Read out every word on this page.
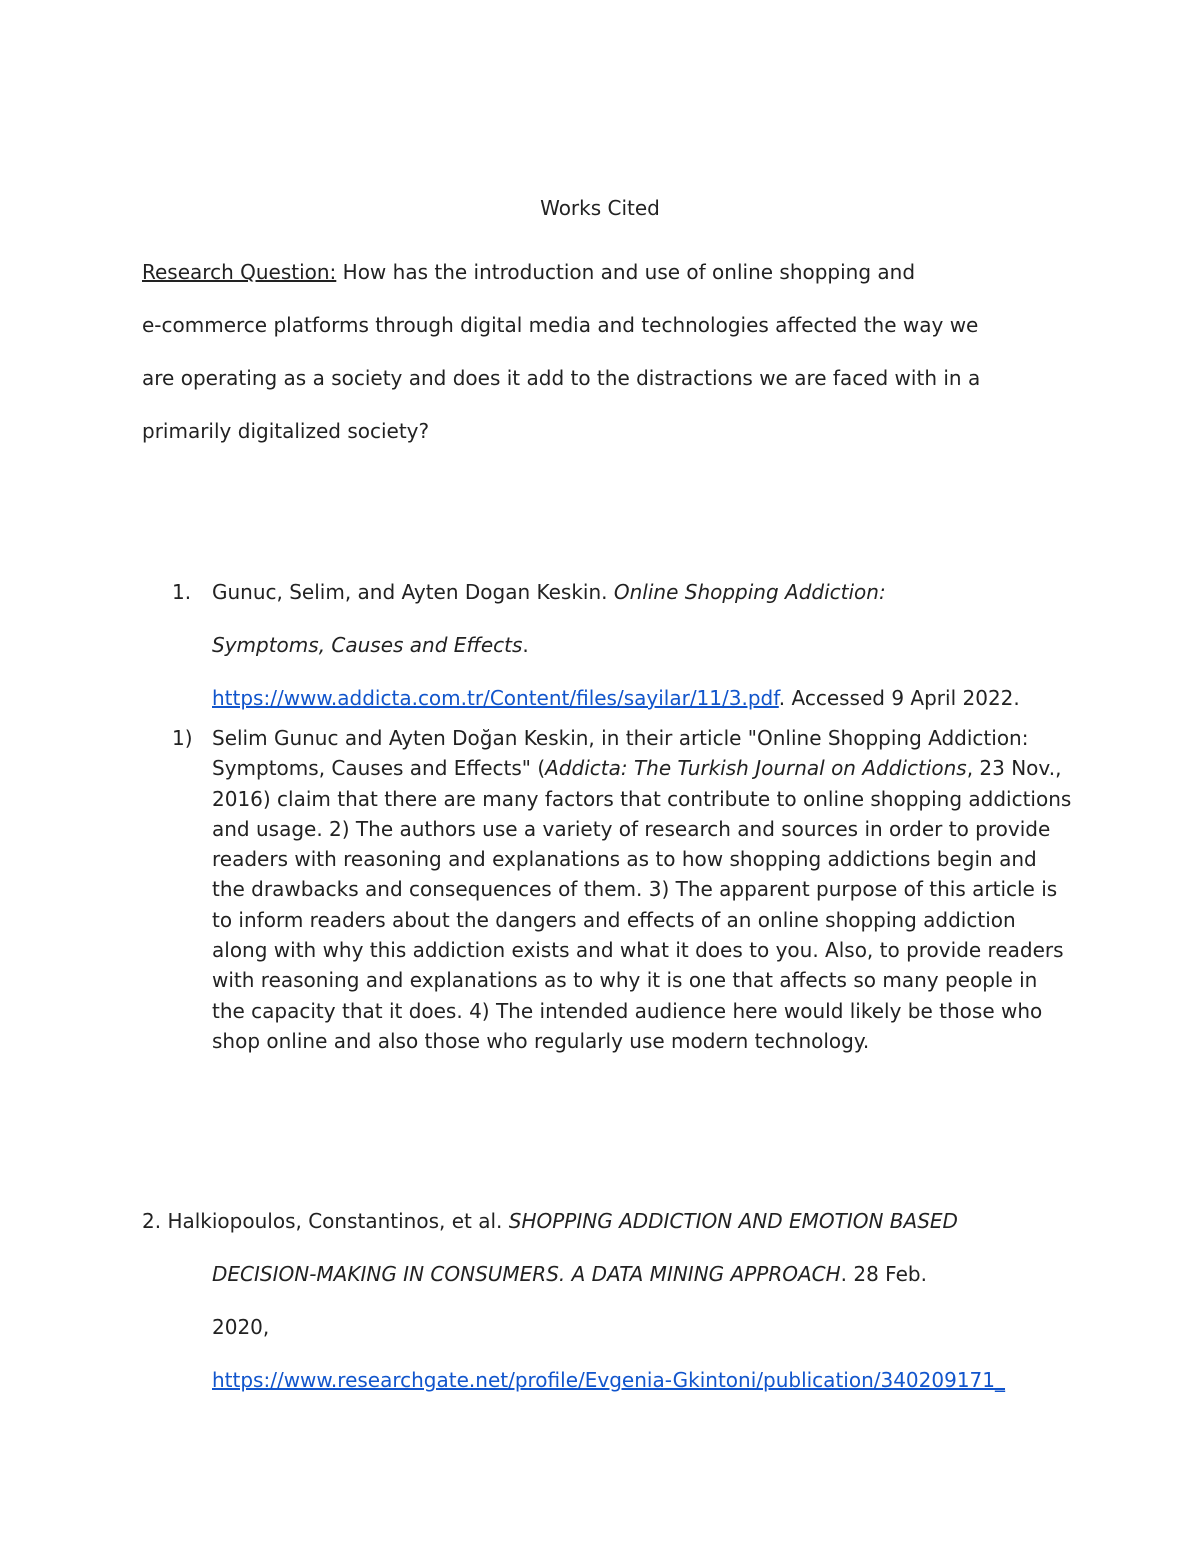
Works Cited
Research Question: How has the introduction and use of online shopping and
e-commerce platforms through digital media and technologies affected the way we
are operating as a society and does it add to the distractions we are faced with in a
primarily digitalized society?
1. Gunuc, Selim, and Ayten Dogan Keskin. Online Shopping Addiction:
Symptoms, Causes and Effects.
https://www.addicta.com.tr/Content/files/sayilar/11/3.pdf. Accessed 9 April 2022.
1) Selim Gunuc and Ayten Doğan Keskin, in their article "Online Shopping Addiction: Symptoms, Causes and Effects" (Addicta: The Turkish Journal on Addictions, 23 Nov., 2016) claim that there are many factors that contribute to online shopping addictions and usage. 2) The authors use a variety of research and sources in order to provide readers with reasoning and explanations as to how shopping addictions begin and the drawbacks and consequences of them. 3) The apparent purpose of this article is to inform readers about the dangers and effects of an online shopping addiction along with why this addiction exists and what it does to you. Also, to provide readers with reasoning and explanations as to why it is one that affects so many people in the capacity that it does. 4) The intended audience here would likely be those who shop online and also those who regularly use modern technology.
2. Halkiopoulos, Constantinos, et al. SHOPPING ADDICTION AND EMOTION BASED
DECISION-MAKING IN CONSUMERS. A DATA MINING APPROACH. 28 Feb.
2020,
https://www.researchgate.net/profile/Evgenia-Gkintoni/publication/340209171_
